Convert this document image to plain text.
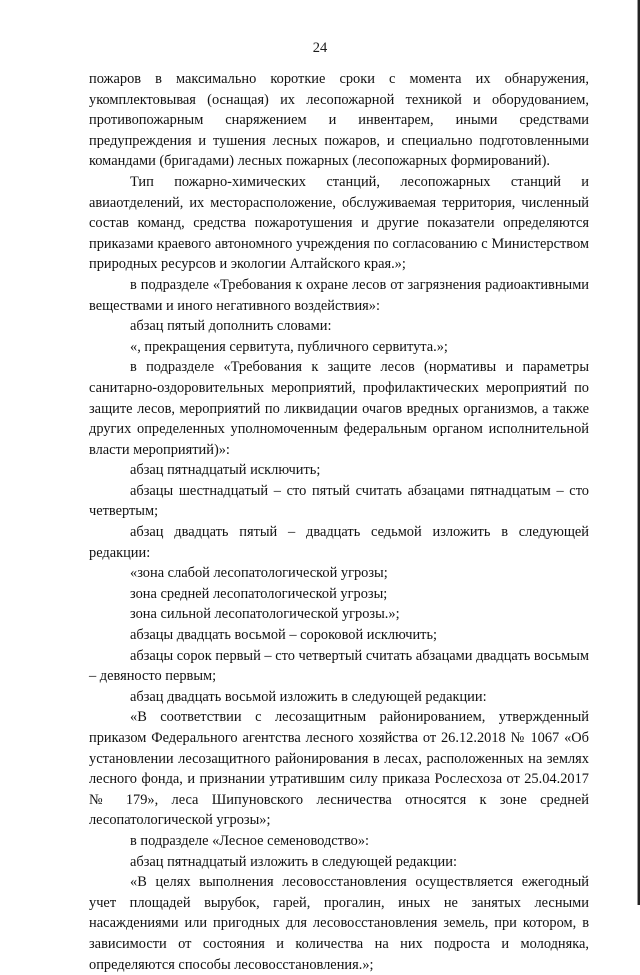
24

пожаров в максимально короткие сроки с момента их обнаружения, укомплектовывая (оснащая) их лесопожарной техникой и оборудованием, противопожарным снаряжением и инвентарем, иными средствами предупреждения и тушения лесных пожаров, и специально подготовленными командами (бригадами) лесных пожарных (лесопожарных формирований).

Тип пожарно-химических станций, лесопожарных станций и авиаотделений, их месторасположение, обслуживаемая территория, численный состав команд, средства пожаротушения и другие показатели определяются приказами краевого автономного учреждения по согласованию с Министерством природных ресурсов и экологии Алтайского края.»;

в подразделе «Требования к охране лесов от загрязнения радиоактивными веществами и иного негативного воздействия»:

абзац пятый дополнить словами:

«, прекращения сервитута, публичного сервитута.»;

в подразделе «Требования к защите лесов (нормативы и параметры санитарно-оздоровительных мероприятий, профилактических мероприятий по защите лесов, мероприятий по ликвидации очагов вредных организмов, а также других определенных уполномоченным федеральным органом исполнительной власти мероприятий)»:

абзац пятнадцатый исключить;

абзацы шестнадцатый – сто пятый считать абзацами пятнадцатым – сто четвертым;

абзац двадцать пятый – двадцать седьмой изложить в следующей редакции:

«зона слабой лесопатологической угрозы;

зона средней лесопатологической угрозы;

зона сильной лесопатологической угрозы.»;

абзацы двадцать восьмой – сороковой исключить;

абзацы сорок первый – сто четвертый считать абзацами двадцать восьмым – девяносто первым;

абзац двадцать восьмой изложить в следующей редакции:

«В соответствии с лесозащитным районированием, утвержденный приказом Федерального агентства лесного хозяйства от 26.12.2018 № 1067 «Об установлении лесозащитного районирования в лесах, расположенных на землях лесного фонда, и признании утратившим силу приказа Рослесхоза от 25.04.2017 № 179», леса Шипуновского лесничества относятся к зоне средней лесопатологической угрозы»;

в подразделе «Лесное семеноводство»:

абзац пятнадцатый изложить в следующей редакции:

«В целях выполнения лесовосстановления осуществляется ежегодный учет площадей вырубок, гарей, прогалин, иных не занятых лесными насаждениями или пригодных для лесовосстановления земель, при котором, в зависимости от состояния и количества на них подроста и молодняка, определяются способы лесовосстановления.»;
